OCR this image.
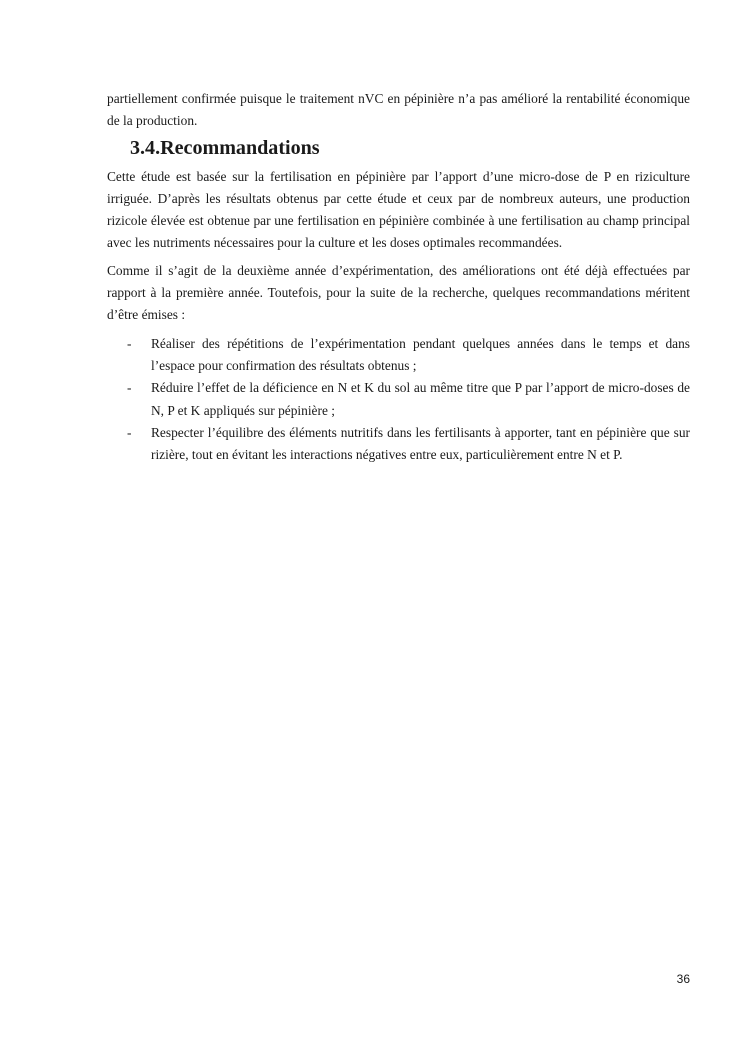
partiellement confirmée puisque le traitement nVC en pépinière n’a pas amélioré la rentabilité économique de la production.

3.4.Recommandations

Cette étude est basée sur la fertilisation en pépinière par l’apport d’une micro-dose de P en riziculture irriguée. D’après les résultats obtenus par cette étude et ceux par de nombreux auteurs, une production rizicole élevée est obtenue par une fertilisation en pépinière combinée à une fertilisation au champ principal avec les nutriments nécessaires pour la culture et les doses optimales recommandées.

Comme il s’agit de la deuxième année d’expérimentation, des améliorations ont été déjà effectuées par rapport à la première année. Toutefois, pour la suite de la recherche, quelques recommandations méritent d’être émises :

- Réaliser des répétitions de l’expérimentation pendant quelques années dans le temps et dans l’espace pour confirmation des résultats obtenus ;
- Réduire l’effet de la déficience en N et K du sol au même titre que P par l’apport de micro-doses de N, P et K appliqués sur pépinière ;
- Respecter l’équilibre des éléments nutritifs dans les fertilisants à apporter, tant en pépinière que sur rizière, tout en évitant les interactions négatives entre eux, particulièrement entre N et P.
36
